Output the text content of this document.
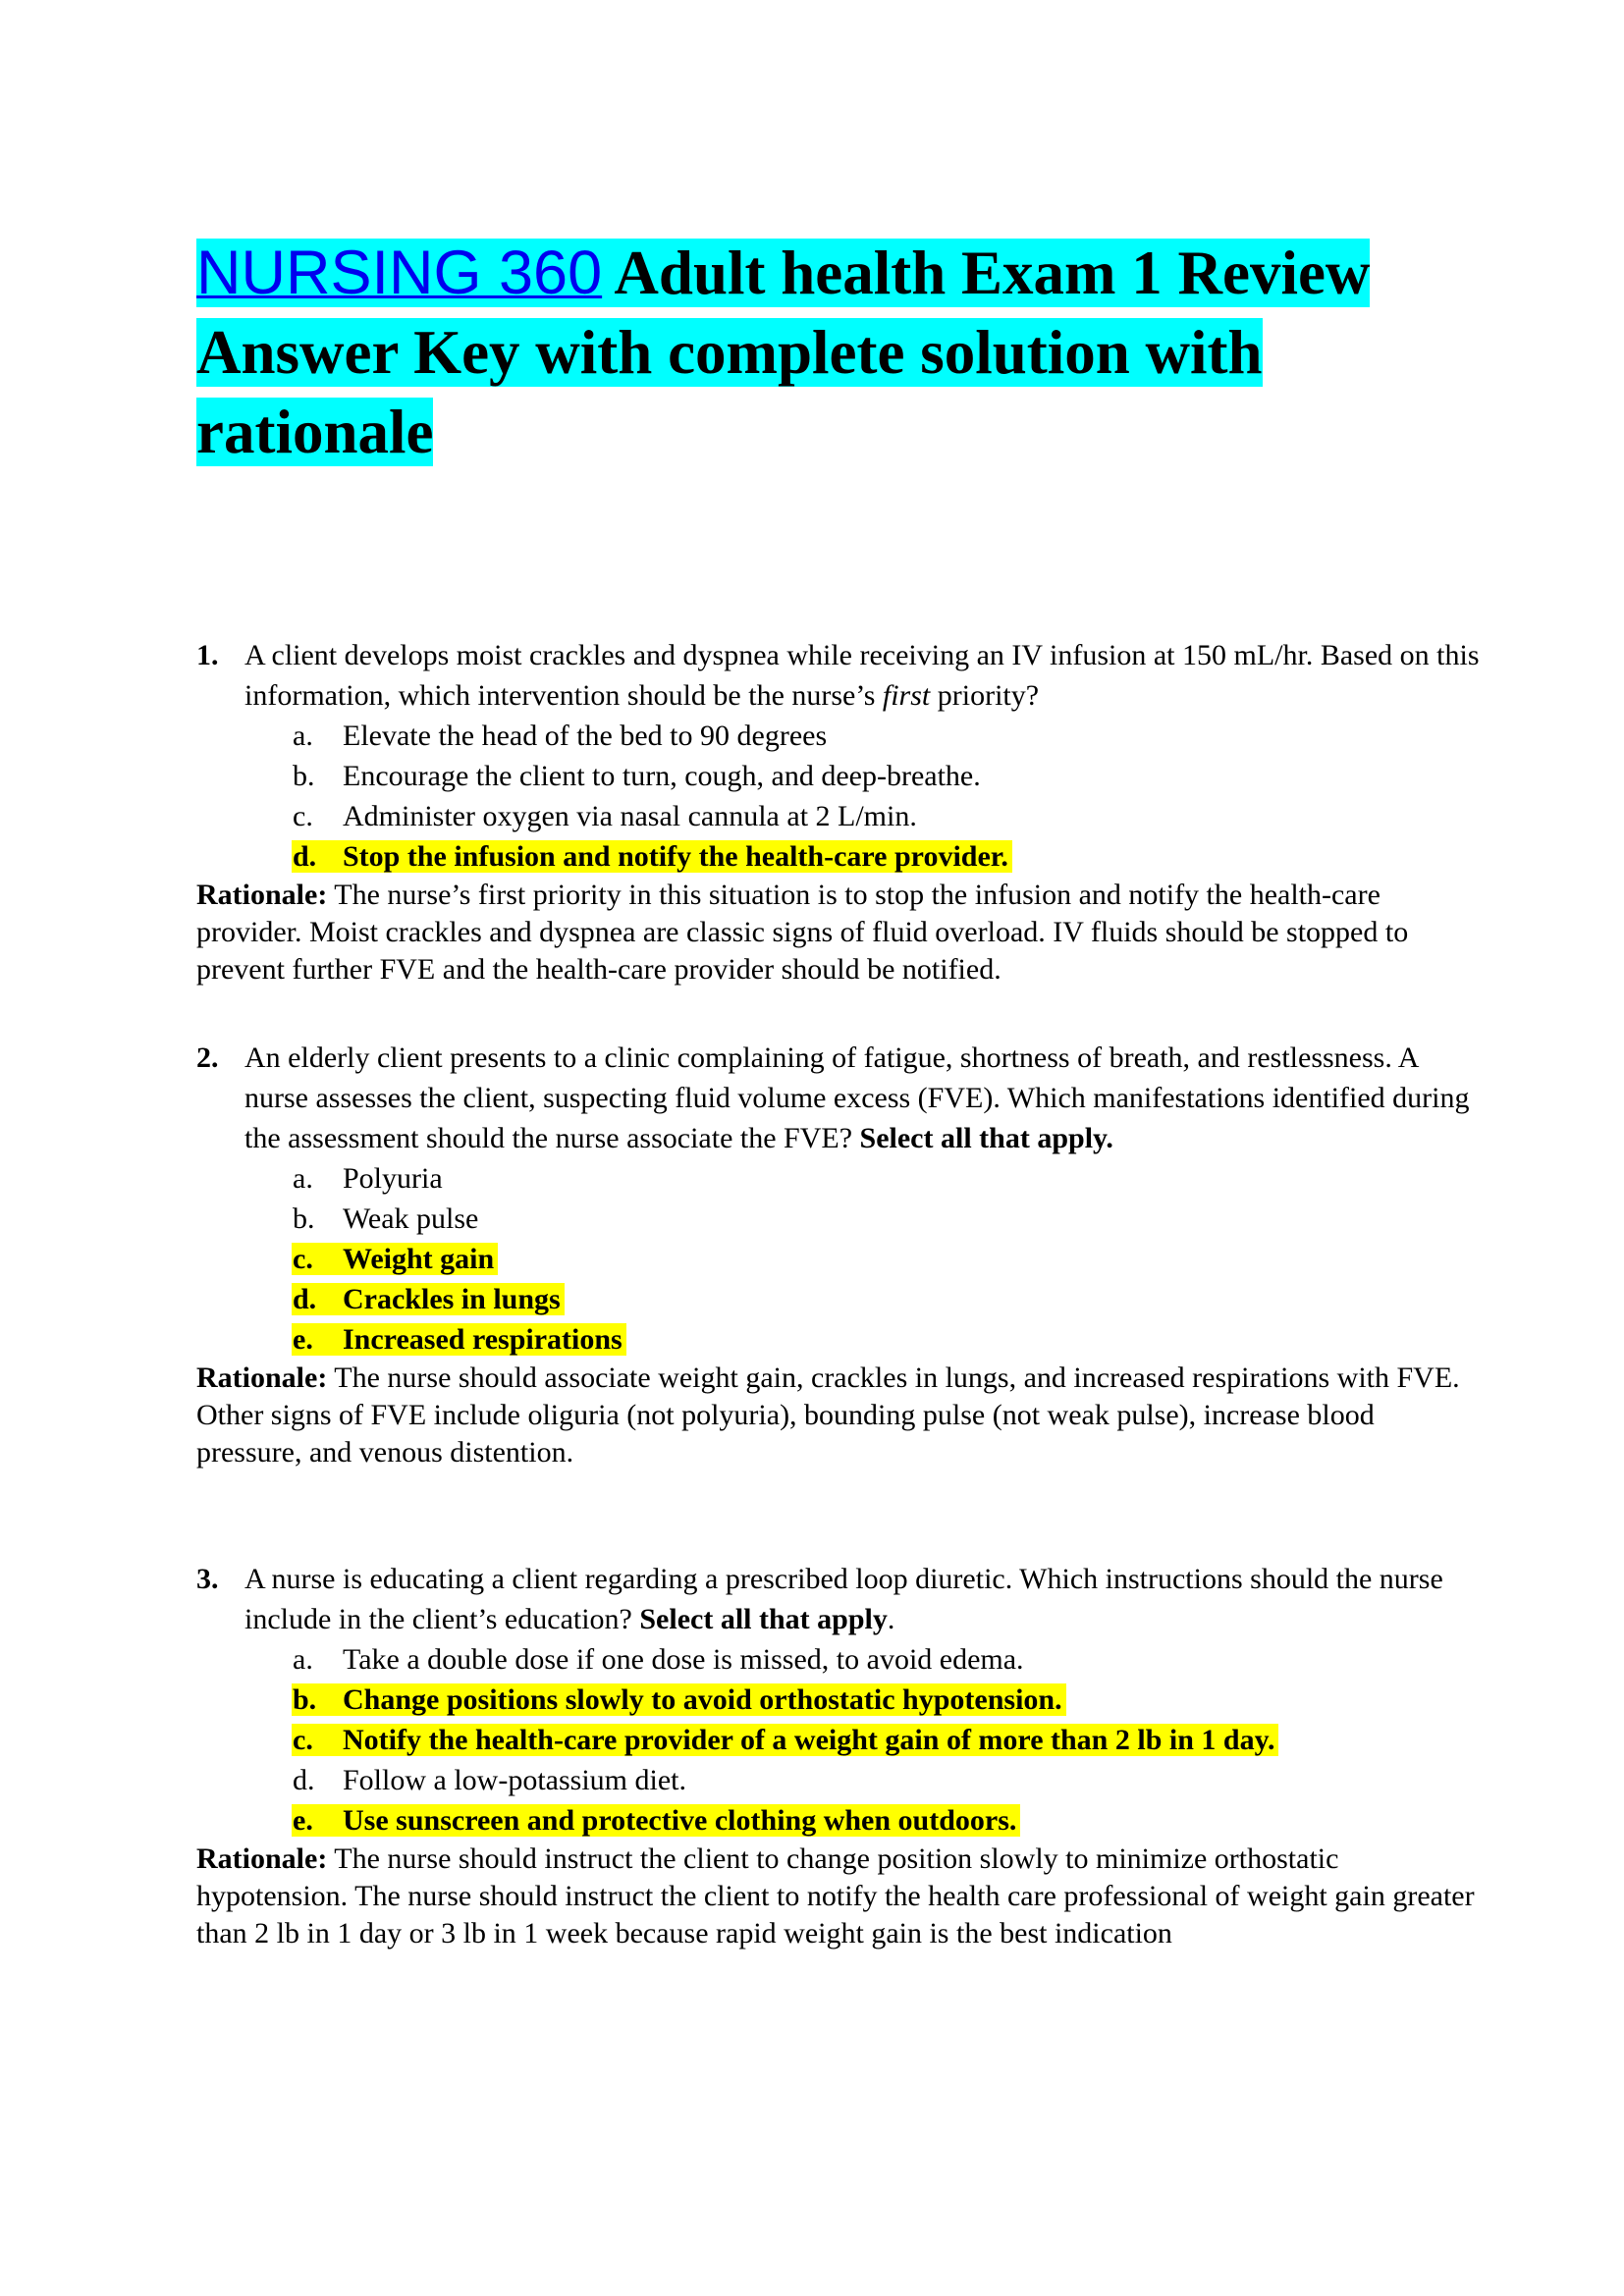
NURSING 360 Adult health Exam 1 Review Answer Key with complete solution with rationale
1. A client develops moist crackles and dyspnea while receiving an IV infusion at 150 mL/hr. Based on this information, which intervention should be the nurse’s first priority?
a. Elevate the head of the bed to 90 degrees
b. Encourage the client to turn, cough, and deep-breathe.
c. Administer oxygen via nasal cannula at 2 L/min.
d. Stop the infusion and notify the health-care provider.
Rationale: The nurse’s first priority in this situation is to stop the infusion and notify the health-care provider. Moist crackles and dyspnea are classic signs of fluid overload. IV fluids should be stopped to prevent further FVE and the health-care provider should be notified.
2. An elderly client presents to a clinic complaining of fatigue, shortness of breath, and restlessness. A nurse assesses the client, suspecting fluid volume excess (FVE). Which manifestations identified during the assessment should the nurse associate the FVE? Select all that apply.
a. Polyuria
b. Weak pulse
c. Weight gain
d. Crackles in lungs
e. Increased respirations
Rationale: The nurse should associate weight gain, crackles in lungs, and increased respirations with FVE. Other signs of FVE include oliguria (not polyuria), bounding pulse (not weak pulse), increase blood pressure, and venous distention.
3. A nurse is educating a client regarding a prescribed loop diuretic. Which instructions should the nurse include in the client’s education? Select all that apply.
a. Take a double dose if one dose is missed, to avoid edema.
b. Change positions slowly to avoid orthostatic hypotension.
c. Notify the health-care provider of a weight gain of more than 2 lb in 1 day.
d. Follow a low-potassium diet.
e. Use sunscreen and protective clothing when outdoors.
Rationale: The nurse should instruct the client to change position slowly to minimize orthostatic hypotension. The nurse should instruct the client to notify the health care professional of weight gain greater than 2 lb in 1 day or 3 lb in 1 week because rapid weight gain is the best indication
